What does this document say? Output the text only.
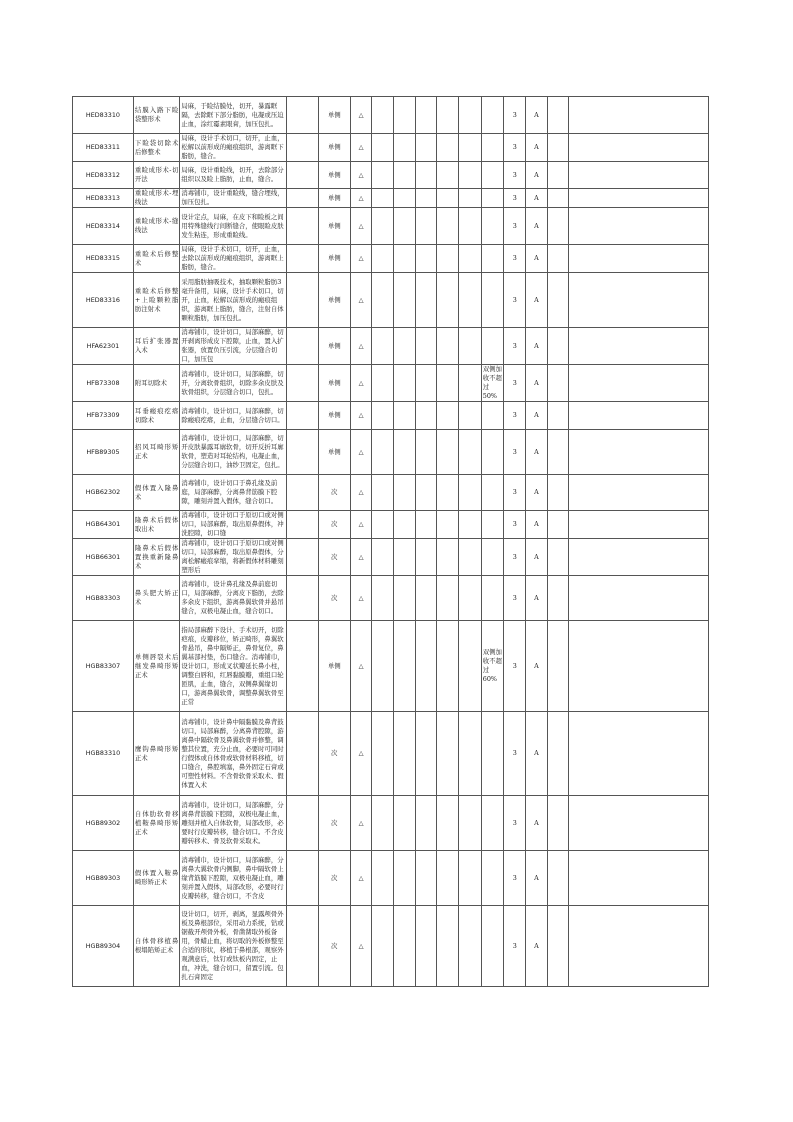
HED83310	结膜入路下睑袋整形术	局麻，于睑结膜处，切开，暴露眶隔，去除眶下部分脂肪，电凝或压迫止血，涂红霉素眼膏，加压包扎。		单侧	△							3	A		
HED83311	下睑袋切除术后修整术	局麻，设计手术切口，切开，止血，松解以前形成的瘢痕组织，游离眶下脂肪，缝合。		单侧	△							3	A		
HED83312	重睑成形术-切开法	局麻，设计重睑线，切开，去除部分组织以及睑上脂肪，止血，缝合。		单侧	△							3	A		
HED83313	重睑成形术-埋线法	消毒铺巾，设计重睑线，缝合埋线，加压包扎。		单侧	△							3	A		
HED83314	重睑成形术-缝线法	设计定点，局麻，在皮下和睑板之间用特殊缝线行间断缝合，使眼睑皮肤发生粘连，形成重睑线。		单侧	△							3	A		
HED83315	重睑术后修整术	局麻，设计手术切口，切开，止血，去除以前形成的瘢痕组织，游离眶上脂肪，缝合。		单侧	△							3	A		
HED83316	重睑术后修整+上睑颗粒脂肪注射术	采用脂肪抽吸技术，抽取颗粒脂肪3毫升备用，局麻，设计手术切口，切开，止血，松解以前形成的瘢痕组织，游离眶上脂肪，缝合，注射自体颗粒脂肪，加压包扎。		单侧	△							3	A		
HFA62301	耳后扩张器置入术	消毒铺巾，设计切口，局部麻醉，切开剥离形成皮下腔隙，止血，置入扩张器，放置负压引流，分层缝合切口，加压包		单侧	△							3	A		
HFB73308	附耳切除术	消毒铺巾，设计切口，局部麻醉，切开，分离软骨组织，切除多余皮肤及软骨组织，分层缝合切口，包扎。		单侧	△						双侧加收不超过50%	3	A		
HFB73309	耳垂瘢痕疙瘩切除术	消毒铺巾，设计切口，局部麻醉，切除瘢痕疙瘩，止血，分层缝合切口。		单侧	△							3	A		
HFB89305	招风耳畸形矫正术	消毒铺巾，设计切口，局部麻醉，切开皮肤暴露耳廓软骨，切开反折耳廓软骨，塑造对耳轮结构，电凝止血，分层缝合切口，油纱卫固定，包扎。		单侧	△							3	A		
HGB62302	假体置入隆鼻术	消毒铺巾，设计切口于鼻孔缘及前庭，局部麻醉，分离鼻背筋膜下腔隙，雕刻并置入假体，缝合切口。		次	△							3	A		
HGB64301	隆鼻术后假体取出术	消毒铺巾，设计切口于原切口或对侧切口，局部麻醉，取出原鼻假体，冲洗腔隙，切口缝		次	△							3	A		
HGB66301	隆鼻术后假体置换重新隆鼻术	消毒铺巾，设计切口于原切口或对侧切口，局部麻醉，取出原鼻假体，分离松解瘢痕挛缩，将新假体材料雕刻塑形后		次	△							3	A		
HGB83303	鼻头肥大矫正术	消毒铺巾，设计鼻孔缘及鼻前庭切口，局部麻醉，分离皮下脂肪，去除多余皮下组织，游离鼻翼软骨并悬吊缝合，双极电凝止血，缝合切口。		次	△							3	A		
HGB83307	单侧唇裂术后继发鼻畸形矫正术	指局部麻醉下设计、手术切开，切除疤痕，皮瓣移位，矫正畸形，鼻翼软骨悬吊，鼻中隔矫正，鼻骨复位，鼻翼基部衬垫，伤口缝合。消毒铺巾，设计切口，形成叉状瓣延长鼻小柱，调整白唇和，红唇黏膜瓣，重组口轮匝肌，止血，缝合，双侧鼻翼缘切口，游离鼻翼软骨，调整鼻翼软骨至正常		单侧	△						双侧加收不超过60%	3	A		
HGB83310	鹰钩鼻畸形矫正术	消毒铺巾，设计鼻中隔黏膜及鼻背鼓切口，局部麻醉，分离鼻背腔隙，游离鼻中隔软骨及鼻翼软骨并修整，调整其位置，充分止血，必要时可同时行假体或自体骨或软骨材料移植，切口缝合，鼻腔填塞，鼻外固定石膏或可塑性材料。不含骨软骨采取术、假体置入术		次	△							3	A		
HGB89302	自体肋软骨移植鞍鼻畸形矫正术	消毒铺巾，设计切口，局部麻醉，分离鼻背筋膜下腔隙，双极电凝止血，雕刻并植入自体软骨，局部改形，必要时行皮瓣转移，缝合切口。不含皮瓣转移术、骨及软骨采取术。		次	△							3	A		
HGB89303	假体置入鞍鼻畸形矫正术	消毒铺巾，设计切口，局部麻醉，分离鼻大翼软骨内侧脚，鼻中隔软骨上缘背筋膜下腔隙，双极电凝止血，雕刻并置入假体，局部改形，必要时行皮瓣转移，缝合切口，不含皮		次	△							3	A		
HGB89304	自体骨移植鼻根塌陷矫正术	设计切口，切开，剥离，显露颅骨外板及鼻根部位，采用动力系统，钻或锯截开颅骨外板，骨凿凿取外板备用，骨蜡止血，将切取的外板修整至合适的形状，移植于鼻根部，观察外观满意后，钛钉或钛板内固定，止血，冲洗，缝合切口，留置引流。包扎石膏固定		次	△							3	A		
